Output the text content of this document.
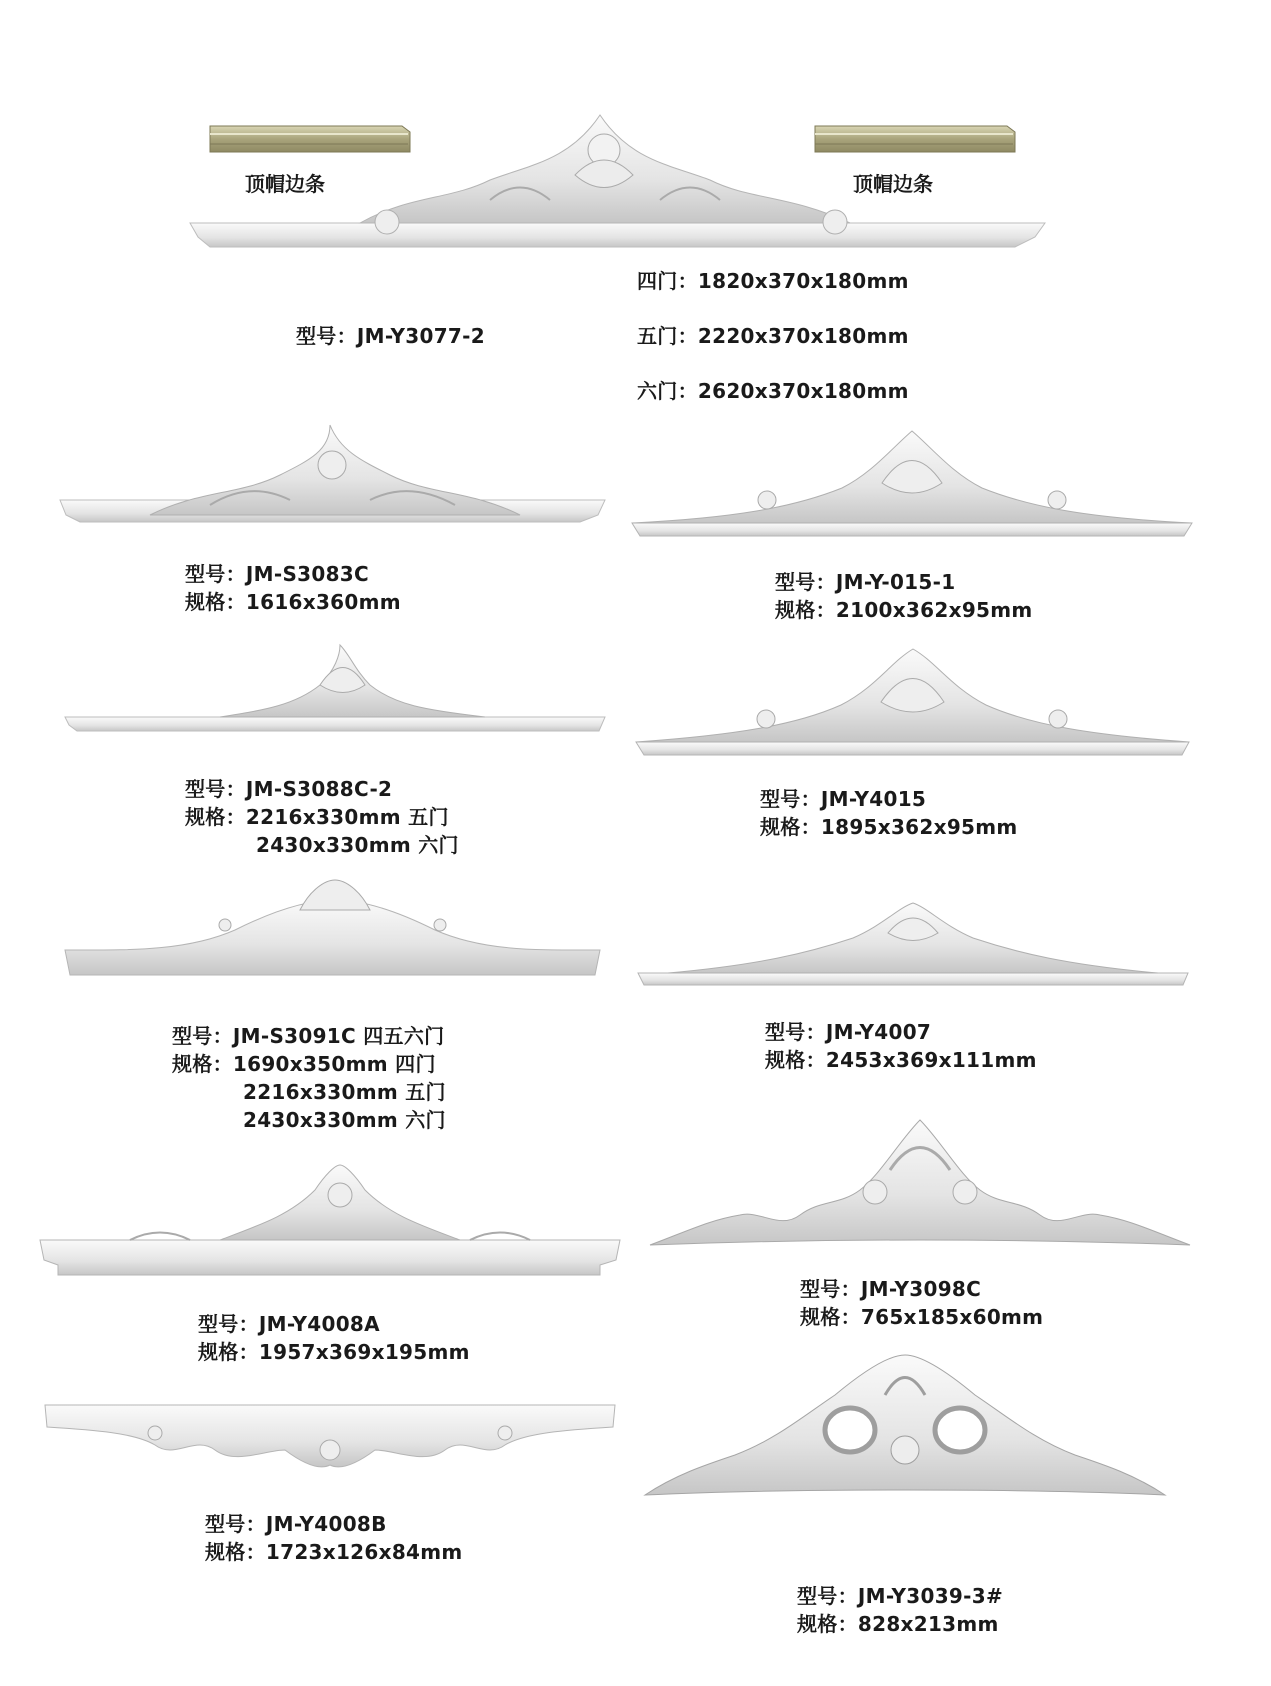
顶帽边条	顶帽边条
型号：JM-Y3077-2
四门：1820x370x180mm
五门：2220x370x180mm
六门：2620x370x180mm
型号：JM-S3083C
规格：1616x360mm
型号：JM-Y-015-1
规格：2100x362x95mm
型号：JM-S3088C-2
规格：2216x330mm 五门
2430x330mm 六门
型号：JM-Y4015
规格：1895x362x95mm
型号：JM-S3091C 四五六门
规格：1690x350mm 四门
2216x330mm 五门
2430x330mm 六门
型号：JM-Y4007
规格：2453x369x111mm
型号：JM-Y4008A
规格：1957x369x195mm
型号：JM-Y3098C
规格：765x185x60mm
型号：JM-Y4008B
规格：1723x126x84mm
型号：JM-Y3039-3#
规格：828x213mm
